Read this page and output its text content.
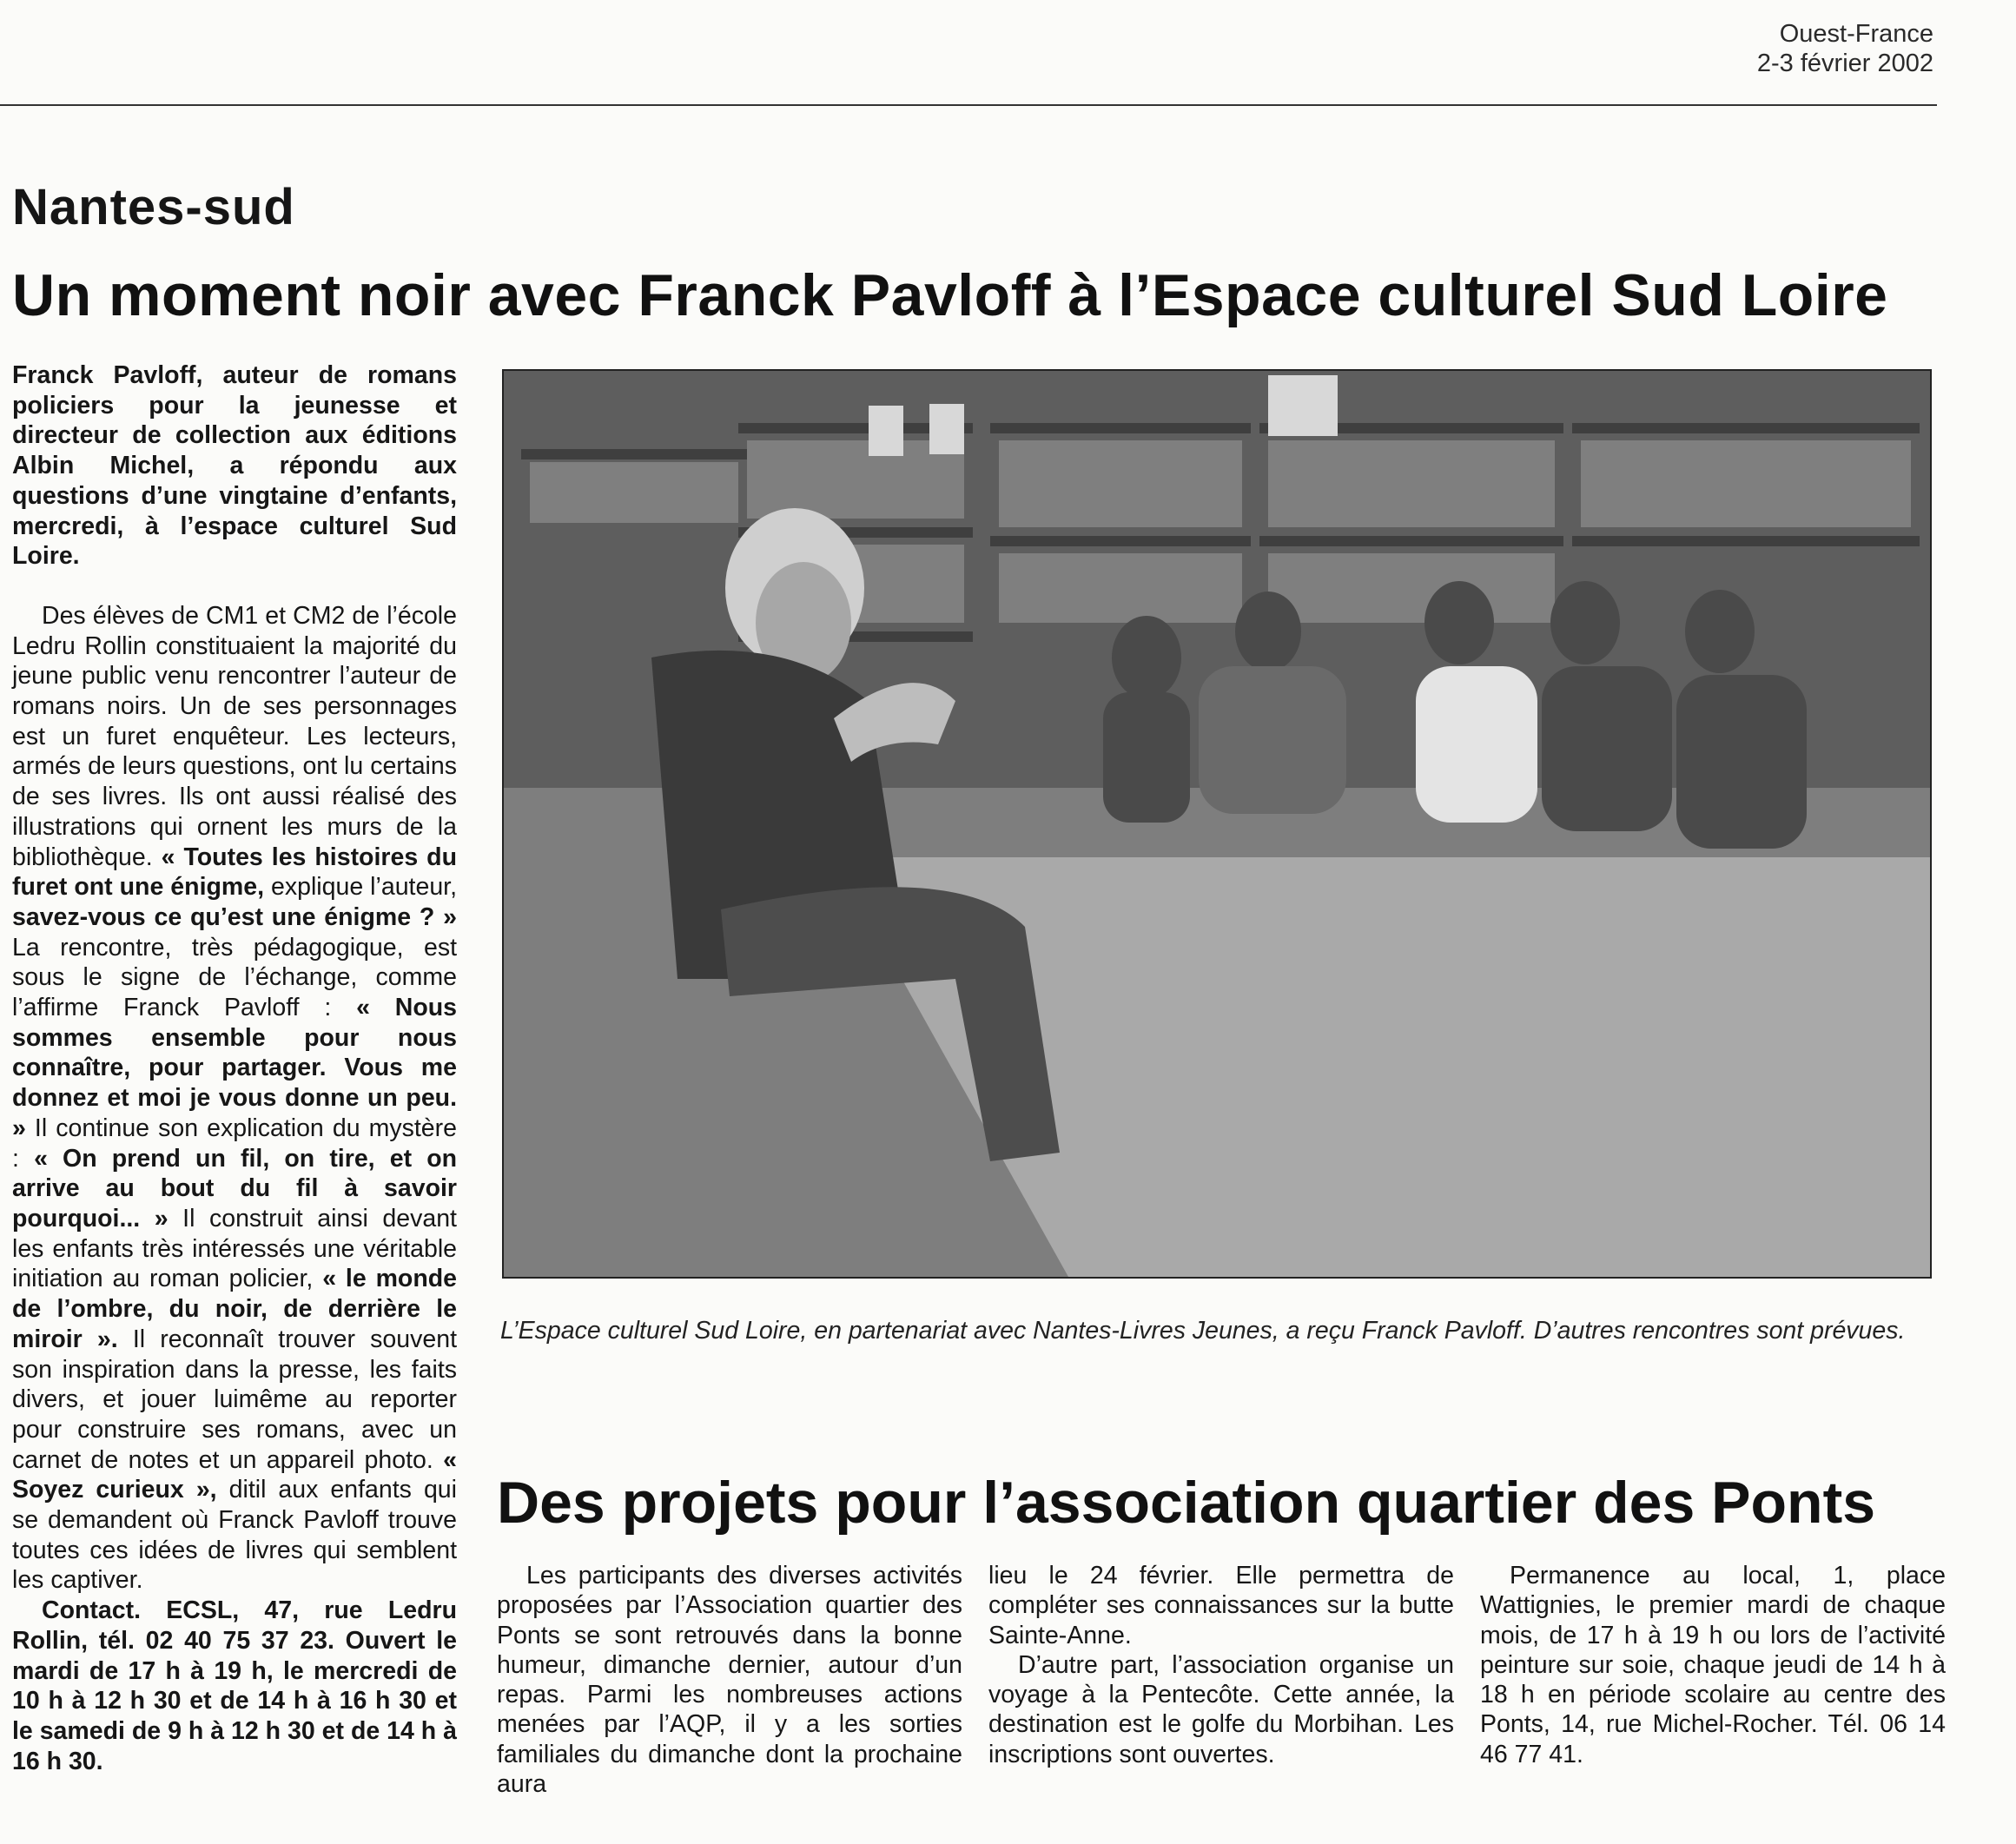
Ouest-France
2-3 février 2002
Nantes-sud
Un moment noir avec Franck Pavloff à l’Espace culturel Sud Loire

Franck Pavloff, auteur de romans policiers pour la jeunesse et directeur de collection aux éditions Albin Michel, a répondu aux questions d’une vingtaine d’enfants, mercredi, à l’espace culturel Sud Loire.

Des élèves de CM1 et CM2 de l’école Ledru Rollin constituaient la majorité du jeune public venu rencontrer l’auteur de romans noirs. Un de ses personnages est un furet enquêteur. Les lecteurs, armés de leurs questions, ont lu certains de ses livres. Ils ont aussi réalisé des illustrations qui ornent les murs de la bibliothèque. « Toutes les histoires du furet ont une énigme, explique l’auteur, savez-vous ce qu’est une énigme ? » La rencontre, très pédagogique, est sous le signe de l’échange, comme l’affirme Franck Pavloff : « Nous sommes ensemble pour nous connaître, pour partager. Vous me donnez et moi je vous donne un peu. » Il continue son explication du mystère : « On prend un fil, on tire, et on arrive au bout du fil à savoir pourquoi... » Il construit ainsi devant les enfants très intéressés une véritable initiation au roman policier, « le monde de l’ombre, du noir, de derrière le miroir ». Il reconnaît trouver souvent son inspiration dans la presse, les faits divers, et jouer luimême au reporter pour construire ses romans, avec un carnet de notes et un appareil photo. « Soyez curieux », ditil aux enfants qui se demandent où Franck Pavloff trouve toutes ces idées de livres qui semblent les captiver.

Contact. ECSL, 47, rue Ledru Rollin, tél. 02 40 75 37 23. Ouvert le mardi de 17 h à 19 h, le mercredi de 10 h à 12 h 30 et de 14 h à 16 h 30 et le samedi de 9 h à 12 h 30 et de 14 h à 16 h 30.

L’Espace culturel Sud Loire, en partenariat avec Nantes-Livres Jeunes, a reçu Franck Pavloff. D’autres rencontres sont prévues.
Des projets pour l’association quartier des Ponts

Les participants des diverses activités proposées par l’Association quartier des Ponts se sont retrouvés dans la bonne humeur, dimanche dernier, autour d’un repas. Parmi les nombreuses actions menées par l’AQP, il y a les sorties familiales du dimanche dont la prochaine aura

lieu le 24 février. Elle permettra de compléter ses connaissances sur la butte Sainte-Anne.

D’autre part, l’association organise un voyage à la Pentecôte. Cette année, la destination est le golfe du Morbihan. Les inscriptions sont ouvertes.

Permanence au local, 1, place Wattignies, le premier mardi de chaque mois, de 17 h à 19 h ou lors de l’activité peinture sur soie, chaque jeudi de 14 h à 18 h en période scolaire au centre des Ponts, 14, rue Michel-Rocher. Tél. 06 14 46 77 41.
